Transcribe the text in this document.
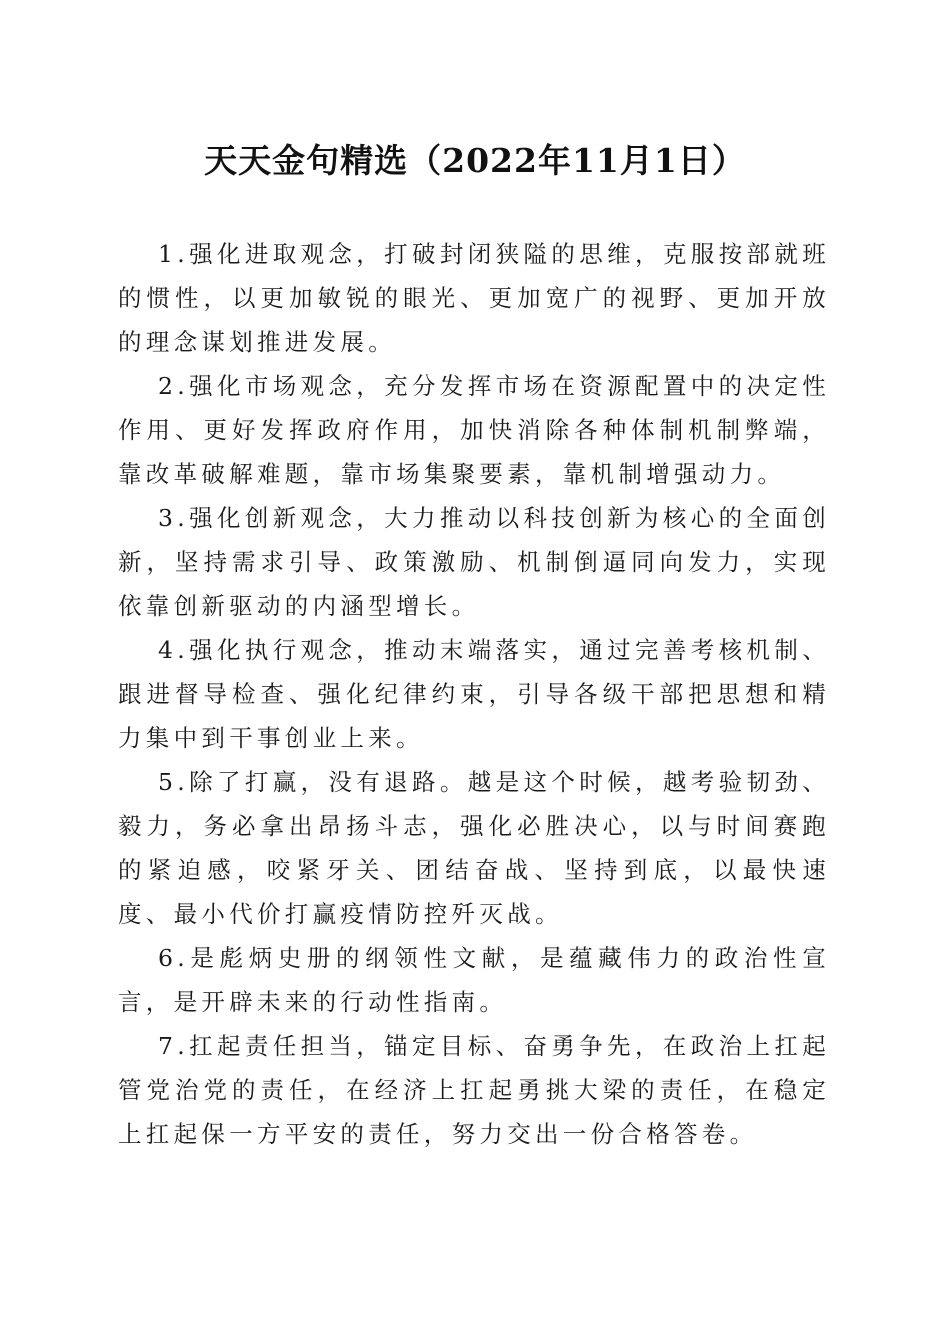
天天金句精选（2022年11月1日）

1.强化进取观念，打破封闭狭隘的思维，克服按部就班的惯性，以更加敏锐的眼光、更加宽广的视野、更加开放的理念谋划推进发展。

2.强化市场观念，充分发挥市场在资源配置中的决定性作用、更好发挥政府作用，加快消除各种体制机制弊端，靠改革破解难题，靠市场集聚要素，靠机制增强动力。

3.强化创新观念，大力推动以科技创新为核心的全面创新，坚持需求引导、政策激励、机制倒逼同向发力，实现依靠创新驱动的内涵型增长。

4.强化执行观念，推动末端落实，通过完善考核机制、跟进督导检查、强化纪律约束，引导各级干部把思想和精力集中到干事创业上来。

5.除了打赢，没有退路。越是这个时候，越考验韧劲、毅力，务必拿出昂扬斗志，强化必胜决心，以与时间赛跑的紧迫感，咬紧牙关、团结奋战、坚持到底，以最快速度、最小代价打赢疫情防控歼灭战。

6.是彪炳史册的纲领性文献，是蕴藏伟力的政治性宣言，是开辟未来的行动性指南。

7.扛起责任担当，锚定目标、奋勇争先，在政治上扛起管党治党的责任，在经济上扛起勇挑大梁的责任，在稳定上扛起保一方平安的责任，努力交出一份合格答卷。
